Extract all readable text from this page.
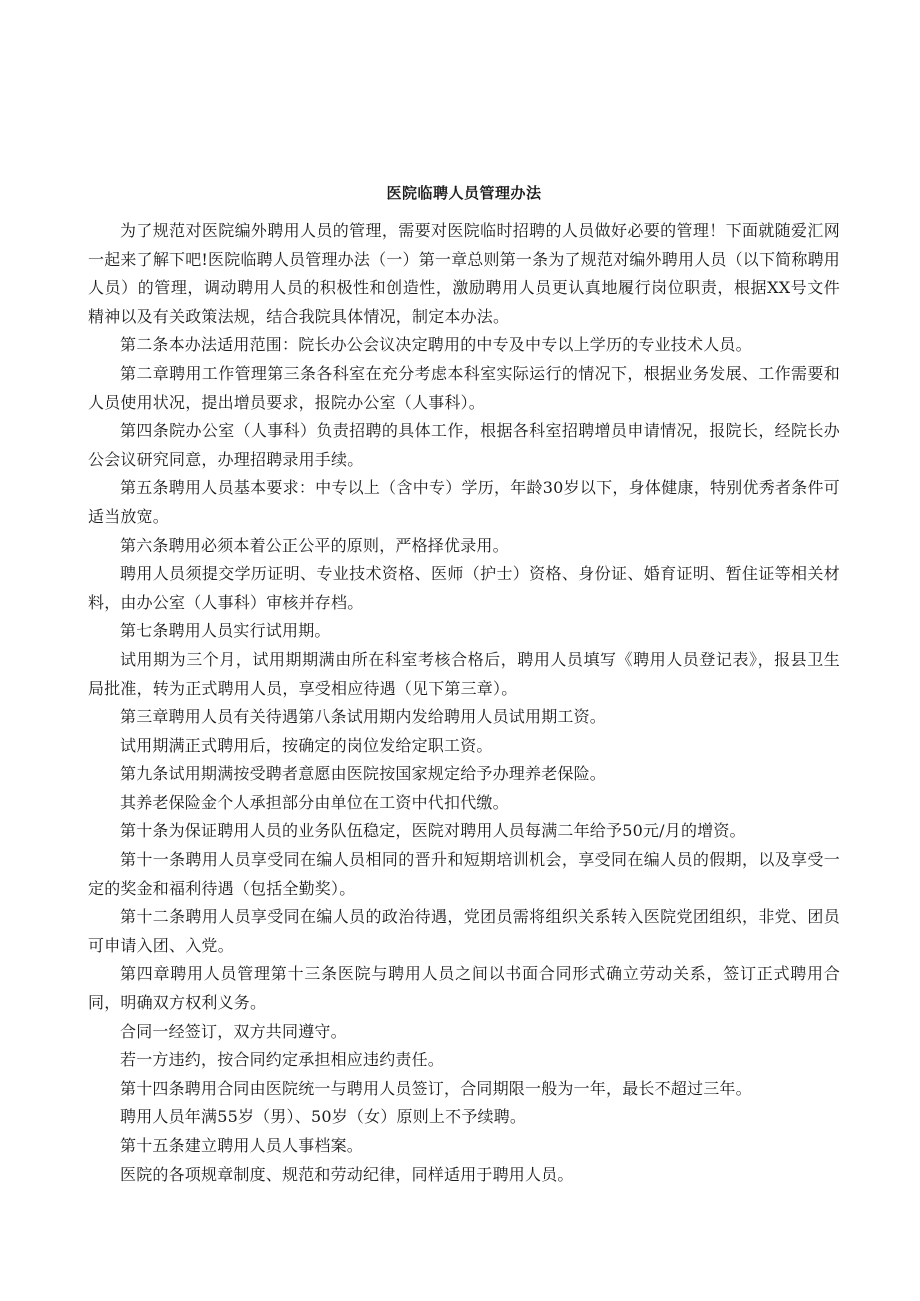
医院临聘人员管理办法

为了规范对医院编外聘用人员的管理，需要对医院临时招聘的人员做好必要的管理！下面就随爱汇网一起来了解下吧!医院临聘人员管理办法（一）第一章总则第一条为了规范对编外聘用人员（以下简称聘用人员）的管理，调动聘用人员的积极性和创造性，激励聘用人员更认真地履行岗位职责，根据XX号文件精神以及有关政策法规，结合我院具体情况，制定本办法。

第二条本办法适用范围：院长办公会议决定聘用的中专及中专以上学历的专业技术人员。

第二章聘用工作管理第三条各科室在充分考虑本科室实际运行的情况下，根据业务发展、工作需要和人员使用状况，提出增员要求，报院办公室（人事科）。

第四条院办公室（人事科）负责招聘的具体工作，根据各科室招聘增员申请情况，报院长，经院长办公会议研究同意，办理招聘录用手续。

第五条聘用人员基本要求：中专以上（含中专）学历，年龄30岁以下，身体健康，特别优秀者条件可适当放宽。

第六条聘用必须本着公正公平的原则，严格择优录用。

聘用人员须提交学历证明、专业技术资格、医师（护士）资格、身份证、婚育证明、暂住证等相关材料，由办公室（人事科）审核并存档。

第七条聘用人员实行试用期。

试用期为三个月，试用期期满由所在科室考核合格后，聘用人员填写《聘用人员登记表》，报县卫生局批准，转为正式聘用人员，享受相应待遇（见下第三章）。

第三章聘用人员有关待遇第八条试用期内发给聘用人员试用期工资。

试用期满正式聘用后，按确定的岗位发给定职工资。

第九条试用期满按受聘者意愿由医院按国家规定给予办理养老保险。

其养老保险金个人承担部分由单位在工资中代扣代缴。

第十条为保证聘用人员的业务队伍稳定，医院对聘用人员每满二年给予50元/月的增资。

第十一条聘用人员享受同在编人员相同的晋升和短期培训机会，享受同在编人员的假期，以及享受一定的奖金和福利待遇（包括全勤奖）。

第十二条聘用人员享受同在编人员的政治待遇，党团员需将组织关系转入医院党团组织，非党、团员可申请入团、入党。

第四章聘用人员管理第十三条医院与聘用人员之间以书面合同形式确立劳动关系，签订正式聘用合同，明确双方权利义务。

合同一经签订，双方共同遵守。

若一方违约，按合同约定承担相应违约责任。

第十四条聘用合同由医院统一与聘用人员签订，合同期限一般为一年，最长不超过三年。

聘用人员年满55岁（男）、50岁（女）原则上不予续聘。

第十五条建立聘用人员人事档案。

医院的各项规章制度、规范和劳动纪律，同样适用于聘用人员。
